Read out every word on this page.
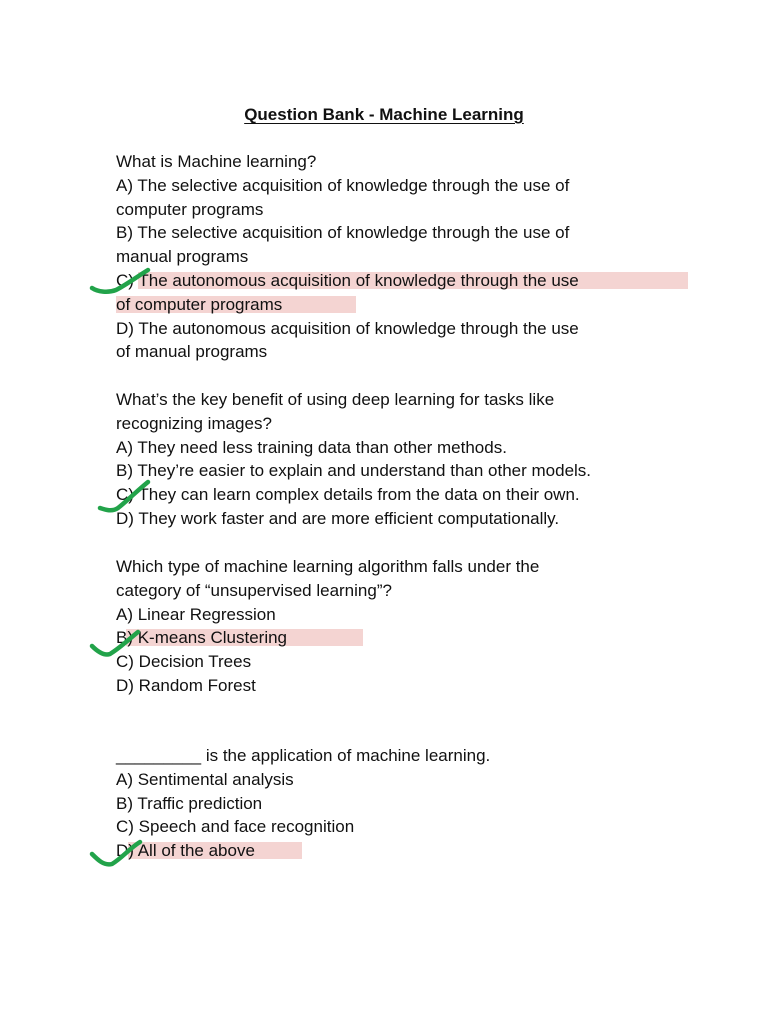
Question Bank - Machine Learning
What is Machine learning?
A) The selective acquisition of knowledge through the use of
computer programs
B) The selective acquisition of knowledge through the use of
manual programs
C) The autonomous acquisition of knowledge through the use
of computer programs
D) The autonomous acquisition of knowledge through the use
of manual programs
What’s the key benefit of using deep learning for tasks like
recognizing images?
A) They need less training data than other methods.
B) They’re easier to explain and understand than other models.
C) They can learn complex details from the data on their own.
D) They work faster and are more efficient computationally.
Which type of machine learning algorithm falls under the
category of “unsupervised learning”?
A) Linear Regression
B) K-means Clustering
C) Decision Trees
D) Random Forest
_________ is the application of machine learning.
A) Sentimental analysis
B) Traffic prediction
C) Speech and face recognition
D) All of the above
